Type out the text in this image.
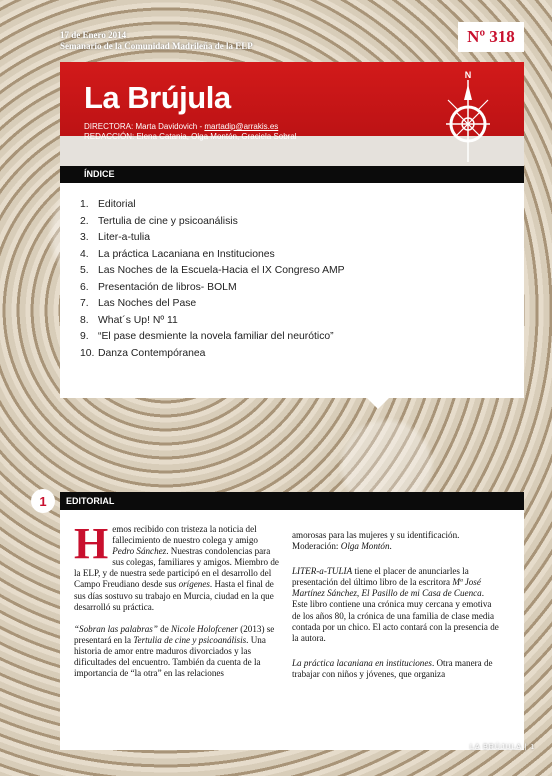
17 de Enero 2014
Semanario de la Comunidad Madrileña de la ELP	Nº 318
La Brújula
DIRECTORA: Marta Davidovich - martadip@arrakis.es
REDACCIÓN: Elena Catania, Olga Montón, Graciela Sobral
N
ÍNDICE
1. Editorial
2. Tertulia de cine y psicoanálisis
3. Liter-a-tulia
4. La práctica Lacaniana en Instituciones
5. Las Noches de la Escuela-Hacia el IX Congreso AMP
6. Presentación de libros- BOLM
7. Las Noches del Pase
8. What´s Up! Nº 11
9. “El pase desmiente la novela familiar del neurótico”
10. Danza Contempóranea
1	EDITORIAL

Hemos recibido con tristeza la noticia del fallecimiento de nuestro colega y amigo Pedro Sánchez. Nuestras condolencias para sus colegas, familiares y amigos. Miembro de la ELP, y de nuestra sede participó en el desarrollo del Campo Freudiano desde sus orígenes. Hasta el final de sus días sostuvo su trabajo en Murcia, ciudad en la que desarrolló su práctica.

“Sobran las palabras” de Nicole Holofcener (2013) se presentará en la Tertulia de cine y psicoanálisis. Una historia de amor entre maduros divorciados y las dificultades del encuentro. También da cuenta de la importancia de “la otra” en las relaciones

amorosas para las mujeres y su identificación. Moderación: Olga Montón.

LITER-a-TULIA tiene el placer de anunciarles la presentación del último libro de la escritora Mª José Martínez Sánchez, El Pasillo de mi Casa de Cuenca. Este libro contiene una crónica muy cercana y emotiva de los años 80, la crónica de una familia de clase media contada por un chico. El acto contará con la presencia de la autora.

La práctica lacaniana en instituciones. Otra manera de trabajar con niños y jóvenes, que organiza

LA BRÚJULA | 1
